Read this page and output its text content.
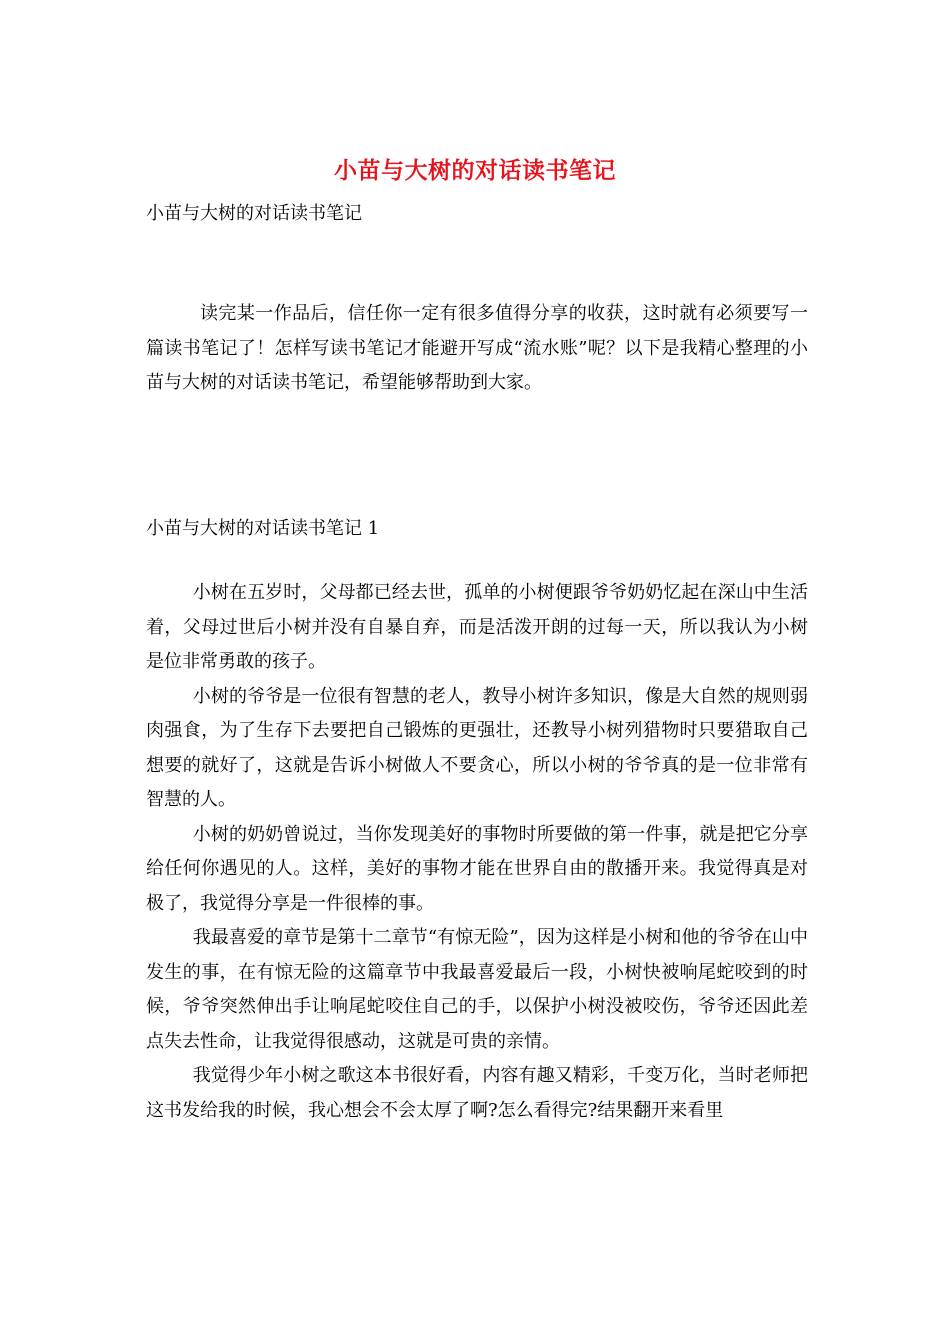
小苗与大树的对话读书笔记
小苗与大树的对话读书笔记

读完某一作品后，信任你一定有很多值得分享的收获，这时就有必须要写一篇读书笔记了！怎样写读书笔记才能避开写成“流水账”呢？以下是我精心整理的小苗与大树的对话读书笔记，希望能够帮助到大家。

小苗与大树的对话读书笔记 1

小树在五岁时，父母都已经去世，孤单的小树便跟爷爷奶奶忆起在深山中生活着，父母过世后小树并没有自暴自弃，而是活泼开朗的过每一天，所以我认为小树是位非常勇敢的孩子。

小树的爷爷是一位很有智慧的老人，教导小树许多知识，像是大自然的规则弱肉强食，为了生存下去要把自己锻炼的更强壮，还教导小树列猎物时只要猎取自己想要的就好了，这就是告诉小树做人不要贪心，所以小树的爷爷真的是一位非常有智慧的人。

小树的奶奶曾说过，当你发现美好的事物时所要做的第一件事，就是把它分享给任何你遇见的人。这样，美好的事物才能在世界自由的散播开来。我觉得真是对极了，我觉得分享是一件很棒的事。

我最喜爱的章节是第十二章节“有惊无险”，因为这样是小树和他的爷爷在山中发生的事，在有惊无险的这篇章节中我最喜爱最后一段，小树快被响尾蛇咬到的时候，爷爷突然伸出手让响尾蛇咬住自己的手，以保护小树没被咬伤，爷爷还因此差点失去性命，让我觉得很感动，这就是可贵的亲情。

我觉得少年小树之歌这本书很好看，内容有趣又精彩，千变万化，当时老师把这书发给我的时候，我心想会不会太厚了啊?怎么看得完?结果翻开来看里
